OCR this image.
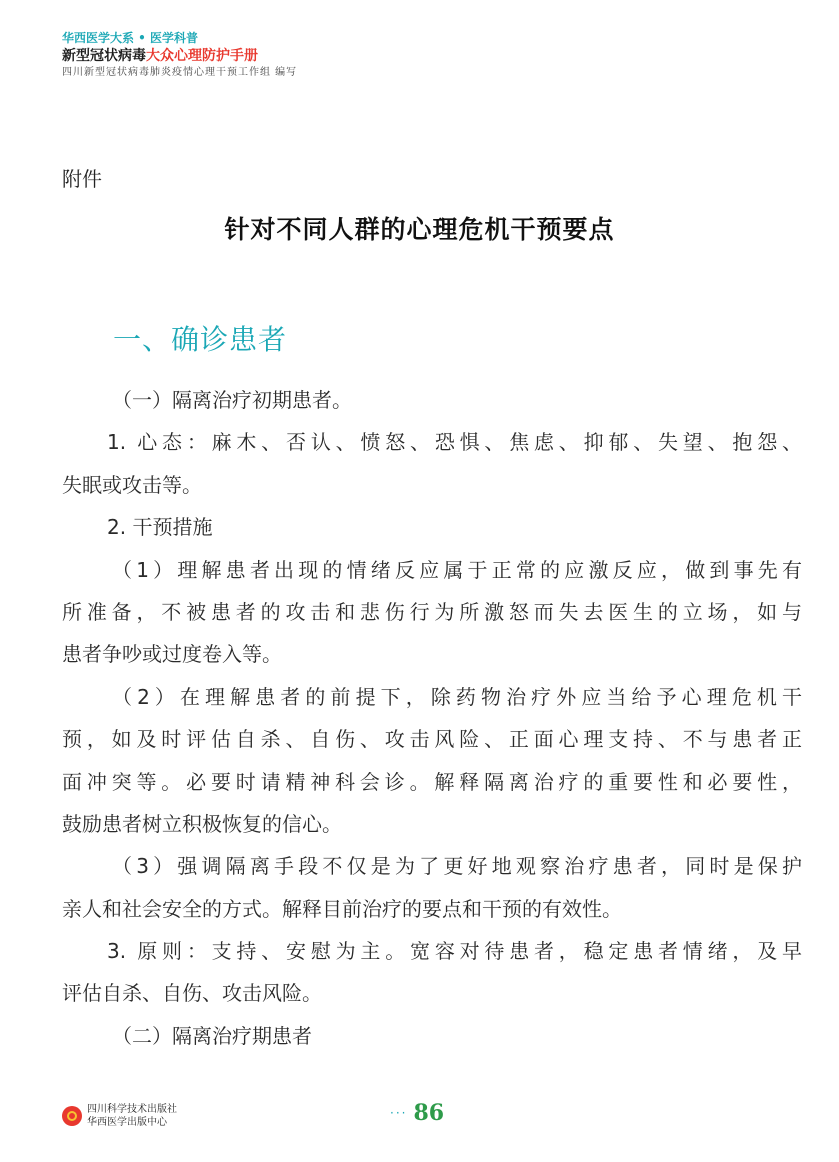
华西医学大系 • 医学科普
新型冠状病毒大众心理防护手册
四川新型冠状病毒肺炎疫情心理干预工作组 编写
附件
针对不同人群的心理危机干预要点
一、确诊患者
（一）隔离治疗初期患者。
1. 心态：麻木、否认、愤怒、恐惧、焦虑、抑郁、失望、抱怨、
失眠或攻击等。
2. 干预措施
（1）理解患者出现的情绪反应属于正常的应激反应，做到事先有
所准备，不被患者的攻击和悲伤行为所激怒而失去医生的立场，如与
患者争吵或过度卷入等。
（2）在理解患者的前提下，除药物治疗外应当给予心理危机干
预，如及时评估自杀、自伤、攻击风险、正面心理支持、不与患者正
面冲突等。必要时请精神科会诊。解释隔离治疗的重要性和必要性，
鼓励患者树立积极恢复的信心。
（3）强调隔离手段不仅是为了更好地观察治疗患者，同时是保护
亲人和社会安全的方式。解释目前治疗的要点和干预的有效性。
3. 原则：支持、安慰为主。宽容对待患者，稳定患者情绪，及早
评估自杀、自伤、攻击风险。
（二）隔离治疗期患者
四川科学技术出版社
华西医学出版中心
··· 86
